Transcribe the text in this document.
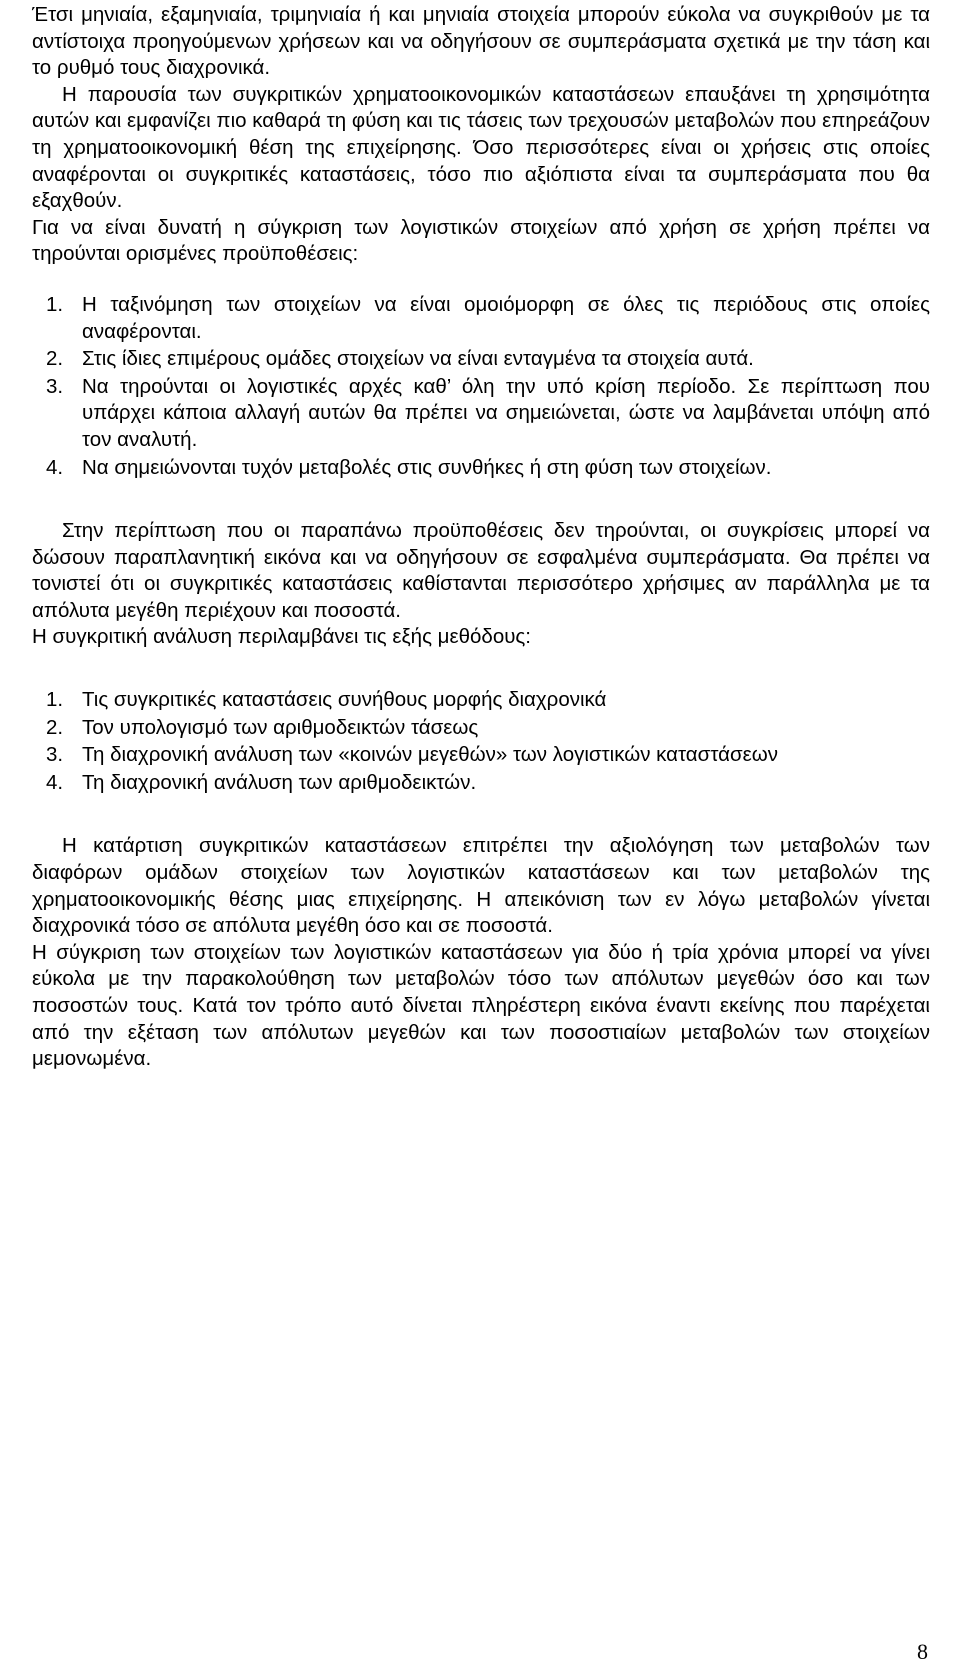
Έτσι μηνιαία, εξαμηνιαία, τριμηνιαία ή και μηνιαία στοιχεία μπορούν εύκολα να συγκριθούν με τα αντίστοιχα προηγούμενων χρήσεων και να οδηγήσουν σε συμπεράσματα σχετικά με την τάση και το ρυθμό τους διαχρονικά.

Η παρουσία των συγκριτικών χρηματοοικονομικών καταστάσεων επαυξάνει τη χρησιμότητα αυτών και εμφανίζει πιο καθαρά τη φύση και τις τάσεις των τρεχουσών μεταβολών που επηρεάζουν τη χρηματοοικονομική θέση της επιχείρησης. Όσο περισσότερες είναι οι χρήσεις στις οποίες αναφέρονται οι συγκριτικές καταστάσεις, τόσο πιο αξιόπιστα είναι τα συμπεράσματα που θα εξαχθούν.

Για να είναι δυνατή η σύγκριση των λογιστικών στοιχείων από χρήση σε χρήση πρέπει να τηρούνται ορισμένες προϋποθέσεις:

1. Η ταξινόμηση των στοιχείων να είναι ομοιόμορφη σε όλες τις περιόδους στις οποίες αναφέρονται.
2. Στις ίδιες επιμέρους ομάδες στοιχείων να είναι ενταγμένα τα στοιχεία αυτά.
3. Να τηρούνται οι λογιστικές αρχές καθ’ όλη την υπό κρίση περίοδο. Σε περίπτωση που υπάρχει κάποια αλλαγή αυτών θα πρέπει να σημειώνεται, ώστε να λαμβάνεται υπόψη από τον αναλυτή.
4. Να σημειώνονται τυχόν μεταβολές στις συνθήκες ή στη φύση των στοιχείων.

Στην περίπτωση που οι παραπάνω προϋποθέσεις δεν τηρούνται, οι συγκρίσεις μπορεί να δώσουν παραπλανητική εικόνα και να οδηγήσουν σε εσφαλμένα συμπεράσματα. Θα πρέπει να τονιστεί ότι οι συγκριτικές καταστάσεις καθίστανται περισσότερο χρήσιμες αν παράλληλα με τα απόλυτα μεγέθη περιέχουν και ποσοστά.

Η συγκριτική ανάλυση περιλαμβάνει τις εξής μεθόδους:

1. Τις συγκριτικές καταστάσεις συνήθους μορφής διαχρονικά
2. Τον υπολογισμό των αριθμοδεικτών τάσεως
3. Τη διαχρονική ανάλυση των «κοινών μεγεθών» των λογιστικών καταστάσεων
4. Τη διαχρονική ανάλυση των αριθμοδεικτών.

Η κατάρτιση συγκριτικών καταστάσεων επιτρέπει την αξιολόγηση των μεταβολών των διαφόρων ομάδων στοιχείων των λογιστικών καταστάσεων και των μεταβολών της χρηματοοικονομικής θέσης μιας επιχείρησης. Η απεικόνιση των εν λόγω μεταβολών γίνεται διαχρονικά τόσο σε απόλυτα μεγέθη όσο και σε ποσοστά.

Η σύγκριση των στοιχείων των λογιστικών καταστάσεων για δύο ή τρία χρόνια μπορεί να γίνει εύκολα με την παρακολούθηση των μεταβολών τόσο των απόλυτων μεγεθών όσο και των ποσοστών τους. Κατά τον τρόπο αυτό δίνεται πληρέστερη εικόνα έναντι εκείνης που παρέχεται από την εξέταση των απόλυτων μεγεθών και των ποσοστιαίων μεταβολών των στοιχείων μεμονωμένα.

8
